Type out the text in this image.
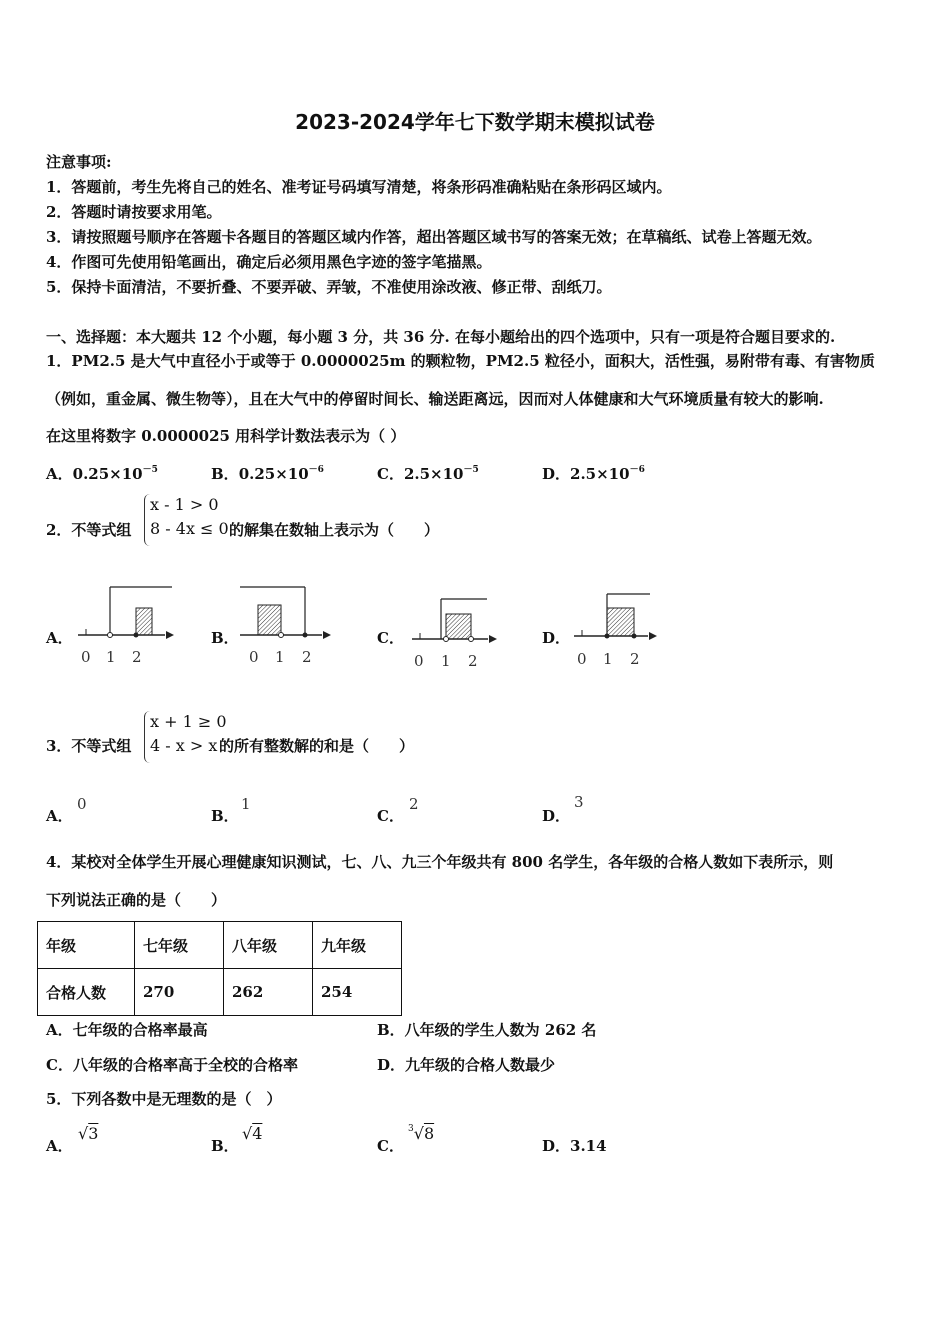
2023-2024学年七下数学期末模拟试卷
注意事项:
1．答题前，考生先将自己的姓名、准考证号码填写清楚，将条形码准确粘贴在条形码区域内。
2．答题时请按要求用笔。
3．请按照题号顺序在答题卡各题目的答题区域内作答，超出答题区域书写的答案无效；在草稿纸、试卷上答题无效。
4．作图可先使用铅笔画出，确定后必须用黑色字迹的签字笔描黑。
5．保持卡面清洁，不要折叠、不要弄破、弄皱，不准使用涂改液、修正带、刮纸刀。
一、选择题：本大题共 12 个小题，每小题 3 分，共 36 分. 在每小题给出的四个选项中，只有一项是符合题目要求的.
1．PM2.5 是大气中直径小于或等于 0.0000025m 的颗粒物，PM2.5 粒径小，面积大，活性强，易附带有毒、有害物质
（例如，重金属、微生物等），且在大气中的停留时间长、输送距离远，因而对人体健康和大气环境质量有较大的影响.
在这里将数字 0.0000025 用科学计数法表示为（ ）
A．$0.25\times 10^{-5}$	B．$0.25\times 10^{-6}$	C．$2.5\times 10^{-5}$	D．$2.5\times 10^{-6}$
2．不等式组
x - 1 > 0
8 - 4x ≤ 0 的解集在数轴上表示为（　　）
A．
0 1 2
B．
0 1 2
C．
0 1 2
D．
0 1 2
3．不等式组
x + 1 ≥ 0
4 - x > x 的所有整数解的和是（　　）
A．
0
B．
1
C．
2
D．
3
4．某校对全体学生开展心理健康知识测试，七、八、九三个年级共有 800 名学生，各年级的合格人数如下表所示，则
下列说法正确的是（　　）
年级	七年级	八年级	九年级
合格人数	270	262	254
A．七年级的合格率最高	B．八年级的学生人数为 262 名
C．八年级的合格率高于全校的合格率	D．九年级的合格人数最少
5．下列各数中是无理数的是（　）
A．
√3
B．
√4
C．
$^3$√8
D．3.14
